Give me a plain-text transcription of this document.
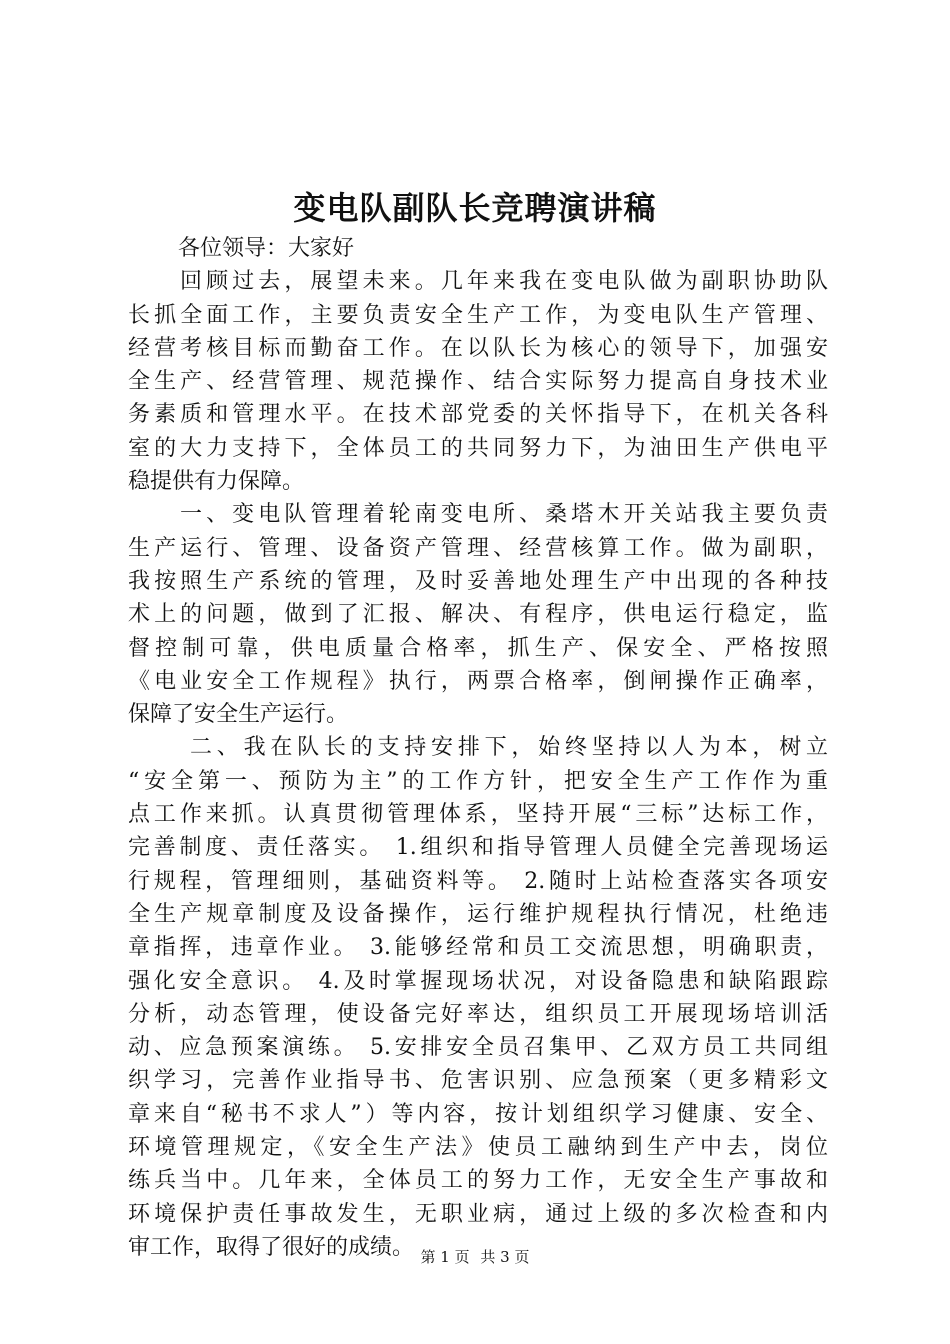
变电队副队长竞聘演讲稿
各位领导：大家好
回顾过去，展望未来。几年来我在变电队做为副职协助队
长抓全面工作，主要负责安全生产工作，为变电队生产管理、
经营考核目标而勤奋工作。在以队长为核心的领导下，加强安
全生产、经营管理、规范操作、结合实际努力提高自身技术业
务素质和管理水平。在技术部党委的关怀指导下，在机关各科
室的大力支持下，全体员工的共同努力下，为油田生产供电平
稳提供有力保障。
一、变电队管理着轮南变电所、桑塔木开关站我主要负责
生产运行、管理、设备资产管理、经营核算工作。做为副职，
我按照生产系统的管理，及时妥善地处理生产中出现的各种技
术上的问题，做到了汇报、解决、有程序，供电运行稳定，监
督控制可靠，供电质量合格率，抓生产、保安全、严格按照
《电业安全工作规程》执行，两票合格率，倒闸操作正确率，
保障了安全生产运行。
二、我在队长的支持安排下，始终坚持以人为本，树立
“安全第一、预防为主”的工作方针，把安全生产工作作为重
点工作来抓。认真贯彻管理体系，坚持开展“三标”达标工作，
完善制度、责任落实。 1.组织和指导管理人员健全完善现场运
行规程，管理细则，基础资料等。 2.随时上站检查落实各项安
全生产规章制度及设备操作，运行维护规程执行情况，杜绝违
章指挥，违章作业。 3.能够经常和员工交流思想，明确职责，
强化安全意识。 4.及时掌握现场状况，对设备隐患和缺陷跟踪
分析，动态管理，使设备完好率达，组织员工开展现场培训活
动、应急预案演练。 5.安排安全员召集甲、乙双方员工共同组
织学习，完善作业指导书、危害识别、应急预案（更多精彩文
章来自“秘书不求人”）等内容，按计划组织学习健康、安全、
环境管理规定，《安全生产法》使员工融纳到生产中去，岗位
练兵当中。几年来，全体员工的努力工作，无安全生产事故和
环境保护责任事故发生，无职业病，通过上级的多次检查和内
审工作，取得了很好的成绩。 第 1 页 共 3 页
